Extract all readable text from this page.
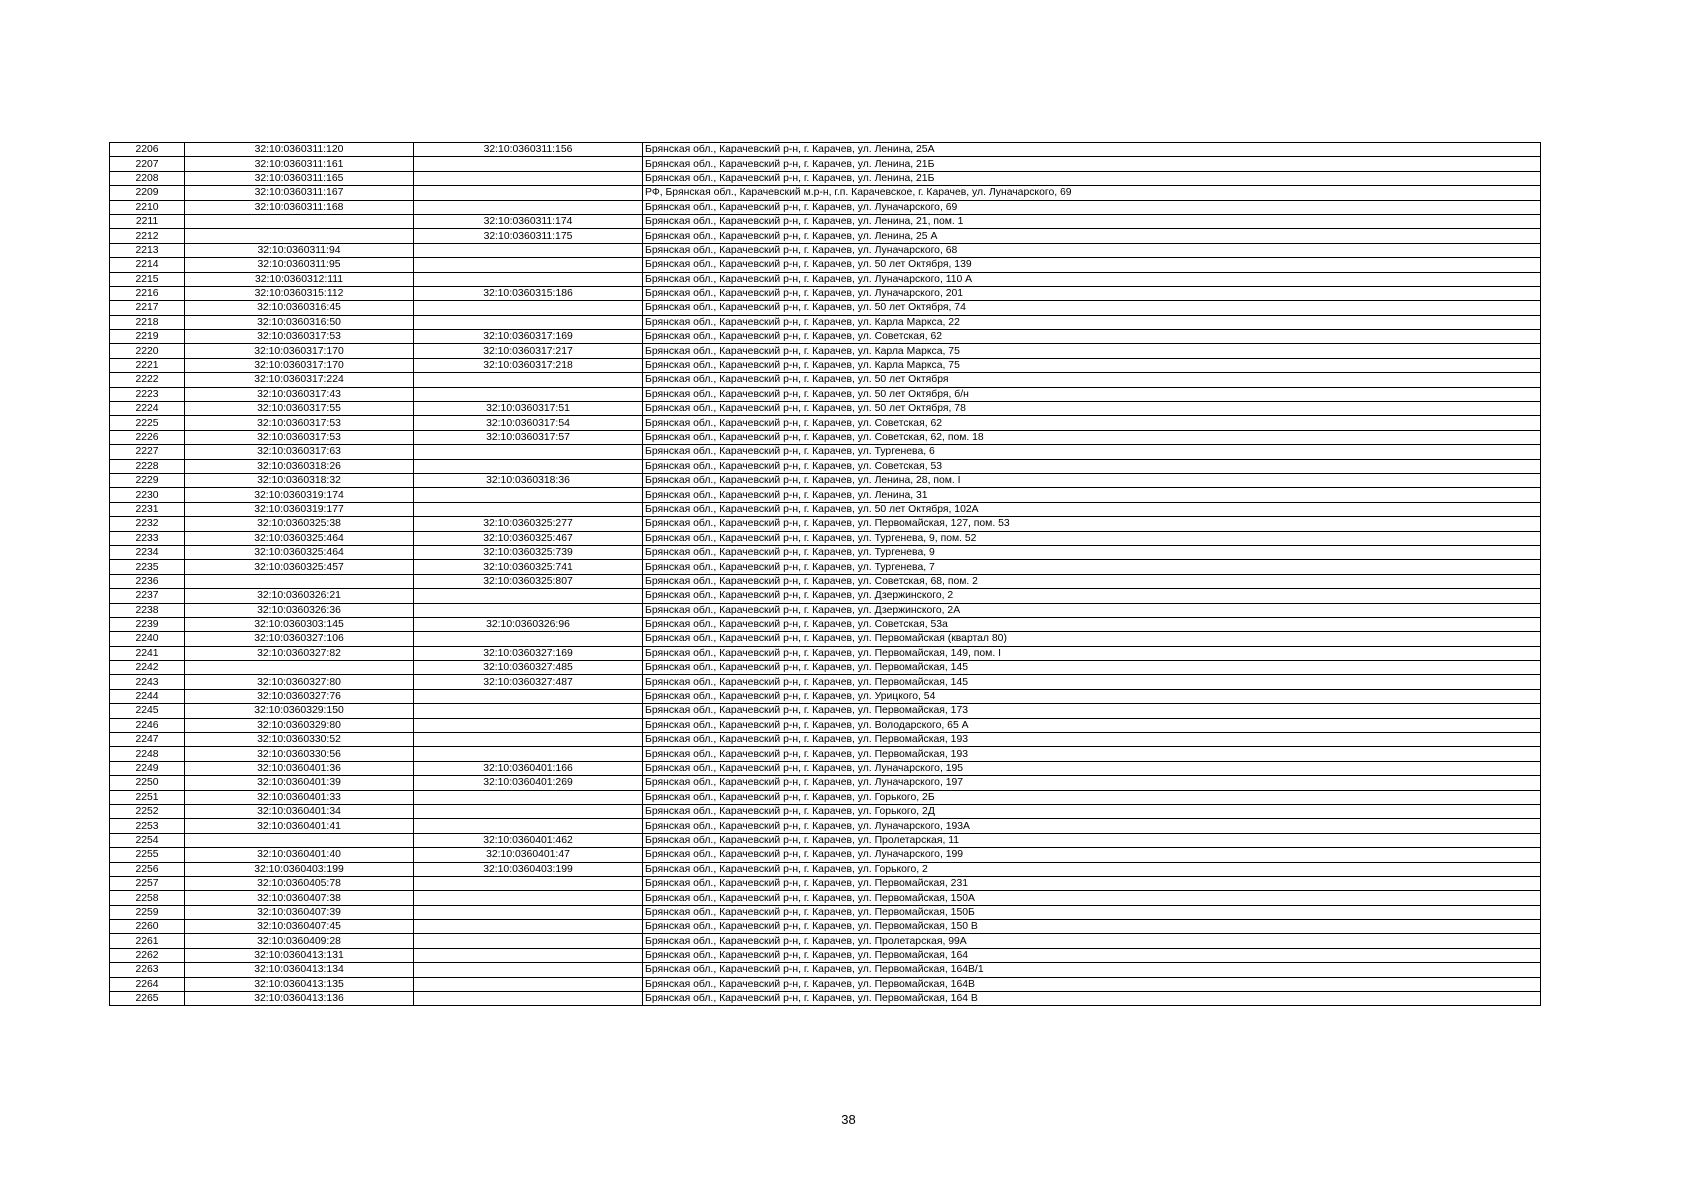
2206	32:10:0360311:120	32:10:0360311:156	Брянская обл., Карачевский р-н, г. Карачев, ул. Ленина, 25А
2207	32:10:0360311:161		Брянская обл., Карачевский р-н, г. Карачев, ул. Ленина, 21Б
2208	32:10:0360311:165		Брянская обл., Карачевский р-н, г. Карачев, ул. Ленина, 21Б
2209	32:10:0360311:167		РФ, Брянская обл., Карачевский м.р-н, г.п. Карачевское, г. Карачев, ул. Луначарского, 69
2210	32:10:0360311:168		Брянская обл., Карачевский р-н, г. Карачев, ул. Луначарского, 69
2211		32:10:0360311:174	Брянская обл., Карачевский р-н, г. Карачев, ул. Ленина, 21, пом. 1
2212		32:10:0360311:175	Брянская обл., Карачевский р-н, г. Карачев, ул. Ленина, 25 А
2213	32:10:0360311:94		Брянская обл., Карачевский р-н, г. Карачев, ул. Луначарского, 68
2214	32:10:0360311:95		Брянская обл., Карачевский р-н, г. Карачев, ул. 50 лет Октября, 139
2215	32:10:0360312:111		Брянская обл., Карачевский р-н, г. Карачев, ул. Луначарского, 110 А
2216	32:10:0360315:112	32:10:0360315:186	Брянская обл., Карачевский р-н, г. Карачев, ул. Луначарского, 201
2217	32:10:0360316:45		Брянская обл., Карачевский р-н, г. Карачев, ул. 50 лет Октября, 74
2218	32:10:0360316:50		Брянская обл., Карачевский р-н, г. Карачев, ул. Карла Маркса, 22
2219	32:10:0360317:53	32:10:0360317:169	Брянская обл., Карачевский р-н, г. Карачев, ул. Советская, 62
2220	32:10:0360317:170	32:10:0360317:217	Брянская обл., Карачевский р-н, г. Карачев, ул. Карла Маркса, 75
2221	32:10:0360317:170	32:10:0360317:218	Брянская обл., Карачевский р-н, г. Карачев, ул. Карла Маркса, 75
2222	32:10:0360317:224		Брянская обл., Карачевский р-н, г. Карачев, ул. 50 лет Октября
2223	32:10:0360317:43		Брянская обл., Карачевский р-н, г. Карачев, ул. 50 лет Октября, б/н
2224	32:10:0360317:55	32:10:0360317:51	Брянская обл., Карачевский р-н, г. Карачев, ул. 50 лет Октября, 78
2225	32:10:0360317:53	32:10:0360317:54	Брянская обл., Карачевский р-н, г. Карачев, ул. Советская, 62
2226	32:10:0360317:53	32:10:0360317:57	Брянская обл., Карачевский р-н, г. Карачев, ул. Советская, 62, пом. 18
2227	32:10:0360317:63		Брянская обл., Карачевский р-н, г. Карачев, ул. Тургенева, 6
2228	32:10:0360318:26		Брянская обл., Карачевский р-н, г. Карачев, ул. Советская, 53
2229	32:10:0360318:32	32:10:0360318:36	Брянская обл., Карачевский р-н, г. Карачев, ул. Ленина, 28, пом. I
2230	32:10:0360319:174		Брянская обл., Карачевский р-н, г. Карачев, ул. Ленина, 31
2231	32:10:0360319:177		Брянская обл., Карачевский р-н, г. Карачев, ул. 50 лет Октября, 102А
2232	32:10:0360325:38	32:10:0360325:277	Брянская обл., Карачевский р-н, г. Карачев, ул. Первомайская, 127, пом. 53
2233	32:10:0360325:464	32:10:0360325:467	Брянская обл., Карачевский р-н, г. Карачев, ул. Тургенева, 9, пом. 52
2234	32:10:0360325:464	32:10:0360325:739	Брянская обл., Карачевский р-н, г. Карачев, ул. Тургенева, 9
2235	32:10:0360325:457	32:10:0360325:741	Брянская обл., Карачевский р-н, г. Карачев, ул. Тургенева, 7
2236		32:10:0360325:807	Брянская обл., Карачевский р-н, г. Карачев, ул. Советская, 68, пом. 2
2237	32:10:0360326:21		Брянская обл., Карачевский р-н, г. Карачев, ул. Дзержинского, 2
2238	32:10:0360326:36		Брянская обл., Карачевский р-н, г. Карачев, ул. Дзержинского, 2А
2239	32:10:0360303:145	32:10:0360326:96	Брянская обл., Карачевский р-н, г. Карачев, ул. Советская, 53а
2240	32:10:0360327:106		Брянская обл., Карачевский р-н, г. Карачев, ул. Первомайская (квартал 80)
2241	32:10:0360327:82	32:10:0360327:169	Брянская обл., Карачевский р-н, г. Карачев, ул. Первомайская, 149, пом. I
2242		32:10:0360327:485	Брянская обл., Карачевский р-н, г. Карачев, ул. Первомайская, 145
2243	32:10:0360327:80	32:10:0360327:487	Брянская обл., Карачевский р-н, г. Карачев, ул. Первомайская, 145
2244	32:10:0360327:76		Брянская обл., Карачевский р-н, г. Карачев, ул. Урицкого, 54
2245	32:10:0360329:150		Брянская обл., Карачевский р-н, г. Карачев, ул. Первомайская, 173
2246	32:10:0360329:80		Брянская обл., Карачевский р-н, г. Карачев, ул. Володарского, 65 А
2247	32:10:0360330:52		Брянская обл., Карачевский р-н, г. Карачев, ул. Первомайская, 193
2248	32:10:0360330:56		Брянская обл., Карачевский р-н, г. Карачев, ул. Первомайская, 193
2249	32:10:0360401:36	32:10:0360401:166	Брянская обл., Карачевский р-н, г. Карачев, ул. Луначарского, 195
2250	32:10:0360401:39	32:10:0360401:269	Брянская обл., Карачевский р-н, г. Карачев, ул. Луначарского, 197
2251	32:10:0360401:33		Брянская обл., Карачевский р-н, г. Карачев, ул. Горького, 2Б
2252	32:10:0360401:34		Брянская обл., Карачевский р-н, г. Карачев, ул. Горького, 2Д
2253	32:10:0360401:41		Брянская обл., Карачевский р-н, г. Карачев, ул. Луначарского, 193А
2254		32:10:0360401:462	Брянская обл., Карачевский р-н, г. Карачев, ул. Пролетарская, 11
2255	32:10:0360401:40	32:10:0360401:47	Брянская обл., Карачевский р-н, г. Карачев, ул. Луначарского, 199
2256	32:10:0360403:199	32:10:0360403:199	Брянская обл., Карачевский р-н, г. Карачев, ул. Горького, 2
2257	32:10:0360405:78		Брянская обл., Карачевский р-н, г. Карачев, ул. Первомайская, 231
2258	32:10:0360407:38		Брянская обл., Карачевский р-н, г. Карачев, ул. Первомайская, 150А
2259	32:10:0360407:39		Брянская обл., Карачевский р-н, г. Карачев, ул. Первомайская, 150Б
2260	32:10:0360407:45		Брянская обл., Карачевский р-н, г. Карачев, ул. Первомайская, 150 В
2261	32:10:0360409:28		Брянская обл., Карачевский р-н, г. Карачев, ул. Пролетарская, 99А
2262	32:10:0360413:131		Брянская обл., Карачевский р-н, г. Карачев, ул. Первомайская, 164
2263	32:10:0360413:134		Брянская обл., Карачевский р-н, г. Карачев, ул. Первомайская, 164В/1
2264	32:10:0360413:135		Брянская обл., Карачевский р-н, г. Карачев, ул. Первомайская, 164В
2265	32:10:0360413:136		Брянская обл., Карачевский р-н, г. Карачев, ул. Первомайская, 164 В
38
